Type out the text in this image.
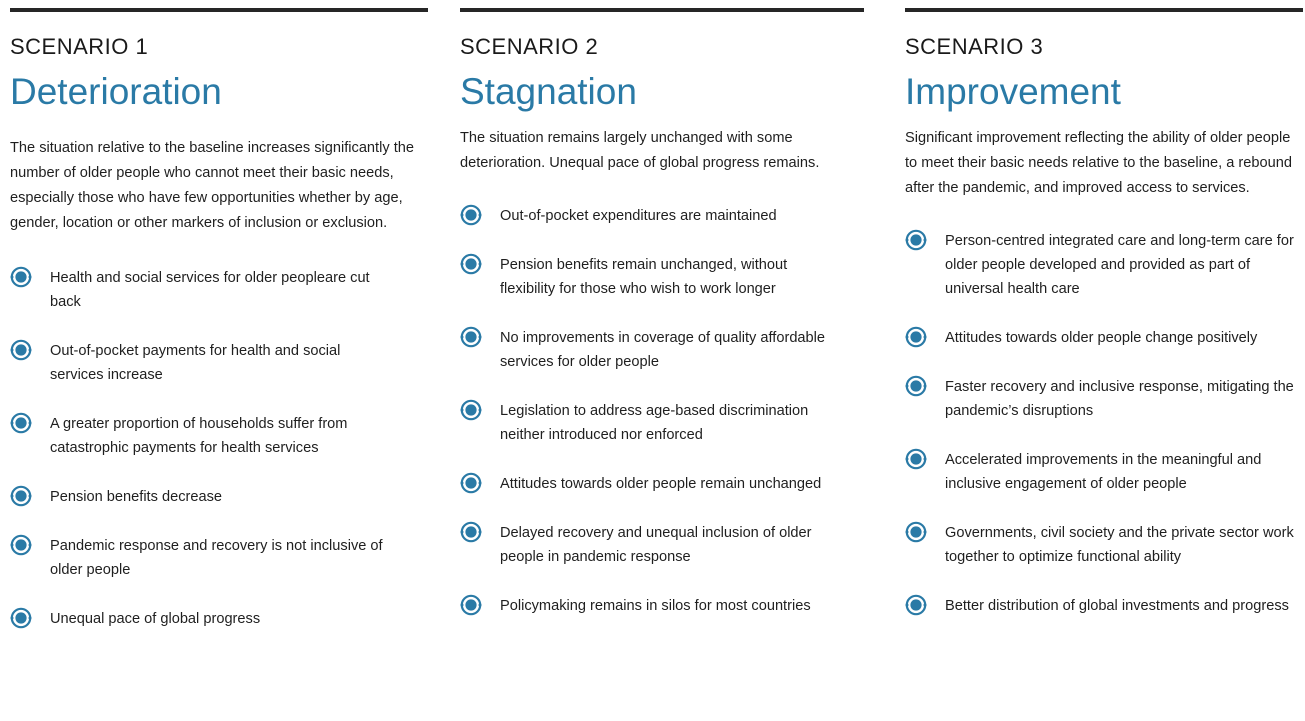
SCENARIO 1
Deterioration

The situation relative to the baseline increases significantly the number of older people who cannot meet their basic needs, especially those who have few opportunities whether by age, gender, location or other markers of inclusion or exclusion.

Health and social services for older peopleare cut back
Out-of-pocket payments for health and social services increase
A greater proportion of households suffer from catastrophic payments for health services
Pension benefits decrease
Pandemic response and recovery is not inclusive of older people
Unequal pace of global progress
SCENARIO 2
Stagnation

The situation remains largely unchanged with some deterioration. Unequal pace of global progress remains.

Out-of-pocket expenditures are maintained
Pension benefits remain unchanged, without flexibility for those who wish to work longer
No improvements in coverage of quality affordable services for older people
Legislation to address age-based discrimination neither introduced nor enforced
Attitudes towards older people remain unchanged
Delayed recovery and unequal inclusion of older people in pandemic response
Policymaking remains in silos for most countries
SCENARIO 3
Improvement

Significant improvement reflecting the ability of older people to meet their basic needs relative to the baseline, a rebound after the pandemic, and improved access to services.

Person-centred integrated care and long-term care for older people developed and provided as part of universal health care
Attitudes towards older people change positively
Faster recovery and inclusive response, mitigating the pandemic’s disruptions
Accelerated improvements in the meaningful and inclusive engagement of older people
Governments, civil society and the private sector work together to optimize functional ability
Better distribution of global investments and progress
